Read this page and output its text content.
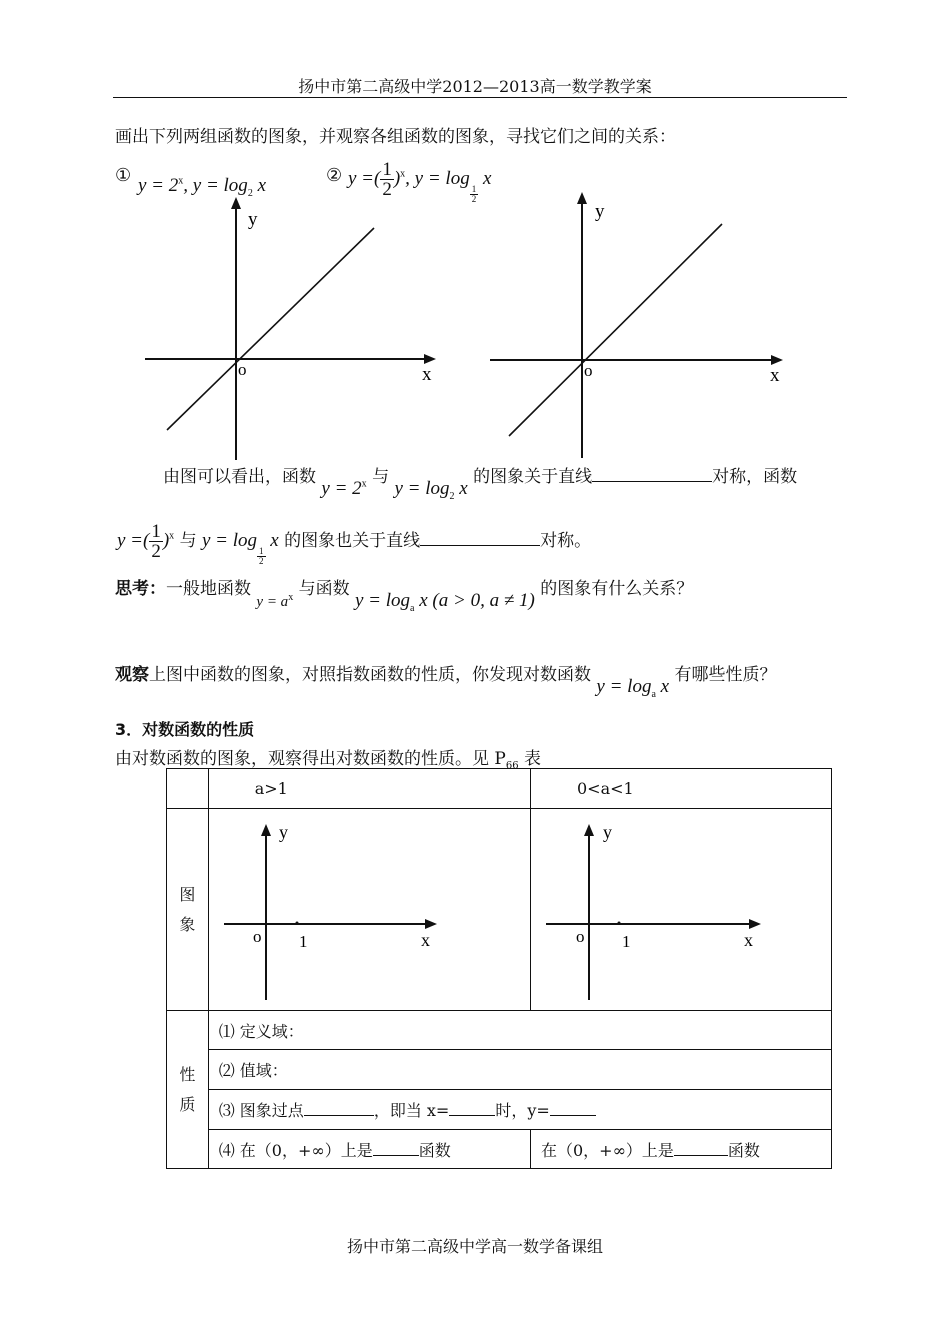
扬中市第二高级中学2012—2013高一数学教学案
画出下列两组函数的图象，并观察各组函数的图象，寻找它们之间的关系：
① $y = 2^x$, $y = \log_2 x$	② y =( $\frac{1}{2} )^x$, y = log
$_{\frac{1}{2}}$
x
y
o	x
y
o	x
由图可以看出，函数 $y = 2^x$ 与 $y = \log_2 x$ 的图象关于直线	对称，函数
y =( $\frac{1}{2} )^x$ 与 y = log
$_{\frac{1}{2}}$
x 的图象也关于直线	对称。
思考：一般地函数 $y = a^x$ 与函数 $y = \log_a x$ (a > 0, a ≠ 1) 的图象有什么关系？
观察上图中函数的图象，对照指数函数的性质，你发现对数函数 $y = \log_a x$ 有哪些性质？
3．对数函数的性质
由对数函数的图象，观察得出对数函数的性质。见 $P_{66}$ 表
	a>1	0<a<1
图
象	y
o 1 x	y
o 1 x

性
质	⑴ 定义域：	
	⑵ 值域：	
	⑶ 图象过点 ，即当 x= 时，y=	
	⑷ 在（0，+∞）上是 函数	在（0，+∞）上是 函数
扬中市第二高级中学高一数学备课组
